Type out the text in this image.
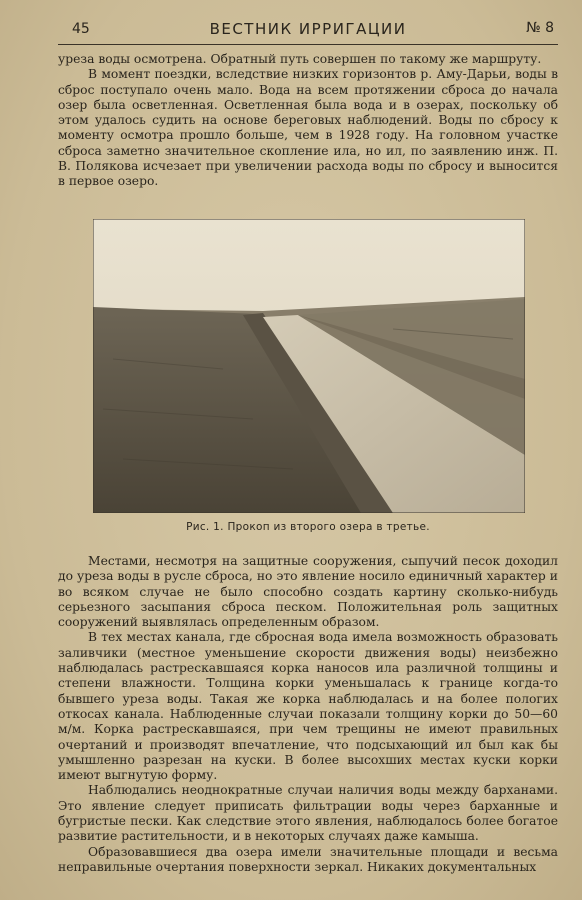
45	ВЕСТНИК ИРРИГАЦИИ	№ 8

уреза воды осмотрена. Обратный путь совершен по такому же маршруту.

В момент поездки, вследствие низких горизонтов р. Аму-Дарьи, воды в сброс поступало очень мало. Вода на всем протяжении сброса до начала озер была осветленная. Осветленная была вода и в озерах, поскольку об этом удалось судить на основе береговых наблюдений. Воды по сбросу к моменту осмотра прошло больше, чем в 1928 году. На головном участке сброса заметно значительное скопление ила, но ил, по заявлению инж. П. В. Полякова исчезает при увеличении расхода воды по сбросу и выносится в первое озеро.

Рис. 1. Прокоп из второго озера в третье.

Местами, несмотря на защитные сооружения, сыпучий песок доходил до уреза воды в русле сброса, но это явление носило единичный характер и во всяком случае не было способно создать картину сколько-нибудь серьезного засыпания сброса песком. Положительная роль защитных сооружений выявлялась определенным образом.

В тех местах канала, где сбросная вода имела возможность образовать заливчики (местное уменьшение скорости движения воды) неизбежно наблюдалась растрескавшаяся корка наносов ила различной толщины и степени влажности. Толщина корки уменьшалась к границе когда-то бывшего уреза воды. Такая же корка наблюдалась и на более пологих откосах канала. Наблюденные случаи показали толщину корки до 50—60 м/м. Корка растрескавшаяся, при чем трещины не имеют правильных очертаний и производят впечатление, что подсыхающий ил был как бы умышленно разрезан на куски. В более высохших местах куски корки имеют выгнутую форму.

Наблюдались неоднократные случаи наличия воды между барханами. Это явление следует приписать фильтрации воды через барханные и бугристые пески. Как следствие этого явления, наблюдалось более богатое развитие растительности, и в некоторых случаях даже камыша.

Образовавшиеся два озера имели значительные площади и весьма неправильные очертания поверхности зеркал. Никаких документальных
